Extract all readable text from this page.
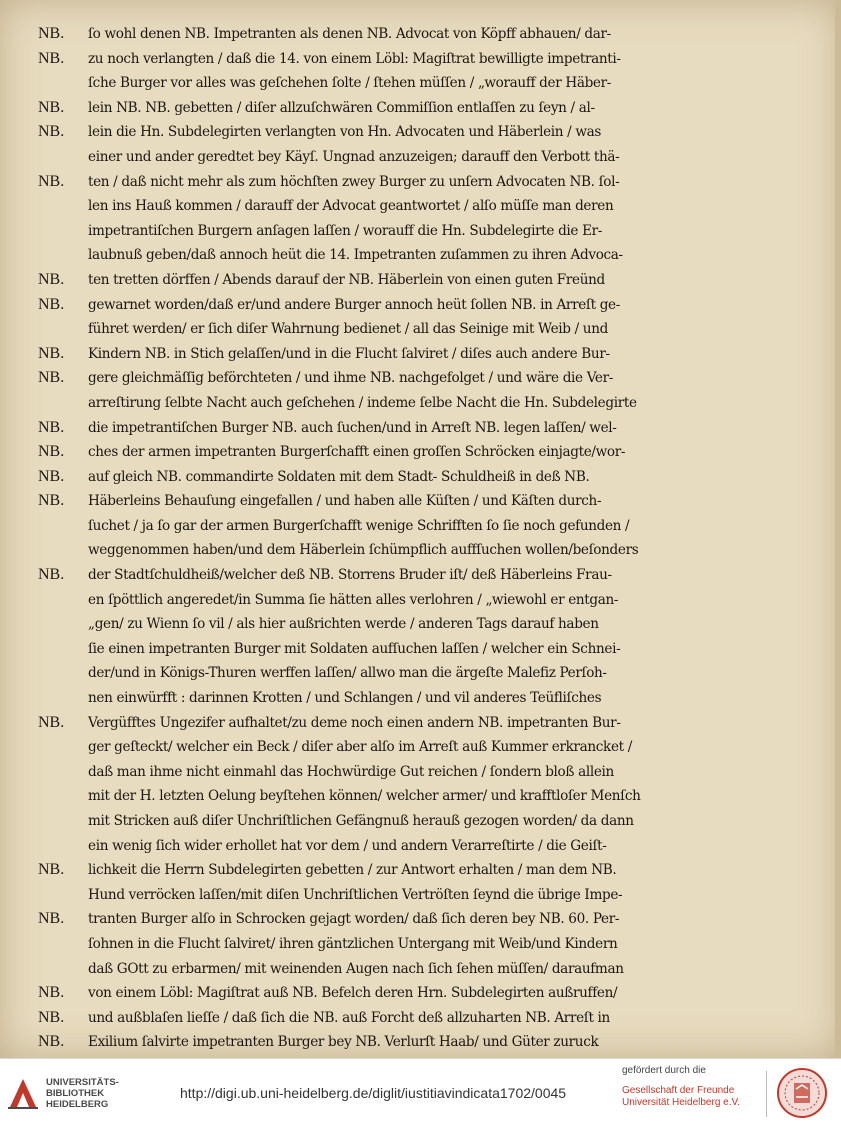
NB.	ſo wohl denen NB. Impetranten als denen NB. Advocat von Köpff abhauen/ dar-
NB.	zu noch verlangten / daß die 14. von einem Löbl: Magiſtrat bewilligte impetranti-
ſche Burger vor alles was geſchehen ſolte / ſtehen müſſen / „worauff der Häber-
NB.	lein NB. NB. gebetten / diſer allzuſchwären Commiſſion entlaſſen zu ſeyn / al-
NB.	lein die Hn. Subdelegirten verlangten von Hn. Advocaten und Häberlein / was
einer und ander geredtet bey Käyſ. Ungnad anzuzeigen; darauff den Verbott thä-
NB.	ten / daß nicht mehr als zum höchſten zwey Burger zu unſern Advocaten NB. ſol-
len ins Hauß kommen / darauff der Advocat geantwortet / alſo müſſe man deren
impetrantiſchen Burgern anſagen laſſen / worauff die Hn. Subdelegirte die Er-
laubnuß geben/daß annoch heüt die 14. Impetranten zuſammen zu ihren Advoca-
NB.	ten tretten dörffen / Abends darauf der NB. Häberlein von einen guten Freünd
NB.	gewarnet worden/daß er/und andere Burger annoch heüt ſollen NB. in Arreſt ge-
führet werden/ er ſich diſer Wahrnung bedienet / all das Seinige mit Weib / und
NB.	Kindern NB. in Stich gelaſſen/und in die Flucht ſalviret / diſes auch andere Bur-
NB.	gere gleichmäſſig beförchteten / und ihme NB. nachgefolget / und wäre die Ver-
arreſtirung ſelbte Nacht auch geſchehen / indeme ſelbe Nacht die Hn. Subdelegirte
NB.	die impetrantiſchen Burger NB. auch ſuchen/und in Arreſt NB. legen laſſen/ wel-
NB.	ches der armen impetranten Burgerſchafft einen groſſen Schröcken einjagte/wor-
NB.	auf gleich NB. commandirte Soldaten mit dem Stadt- Schuldheiß in deß NB.
NB.	Häberleins Behauſung eingefallen / und haben alle Küſten / und Käſten durch-
ſuchet / ja ſo gar der armen Burgerſchafft wenige Schrifften ſo ſie noch gefunden /
weggenommen haben/und dem Häberlein ſchümpflich auffſuchen wollen/beſonders
NB.	der Stadtſchuldheiß/welcher deß NB. Storrens Bruder iſt/ deß Häberleins Frau-
en ſpöttlich angeredet/in Summa ſie hätten alles verlohren / „wiewohl er entgan-
„gen/ zu Wienn ſo vil / als hier außrichten werde / anderen Tags darauf haben
ſie einen impetranten Burger mit Soldaten aufſuchen laſſen / welcher ein Schnei-
der/und in Königs-Thuren werffen laſſen/ allwo man die ärgeſte Malefiz Perſoh-
nen einwürfft : darinnen Krotten / und Schlangen / und vil anderes Teüfliſches
NB.	Vergüfftes Ungezifer aufhaltet/zu deme noch einen andern NB. impetranten Bur-
ger geſteckt/ welcher ein Beck / diſer aber alſo im Arreſt auß Kummer erkrancket /
daß man ihme nicht einmahl das Hochwürdige Gut reichen / ſondern bloß allein
mit der H. letzten Oelung beyſtehen können/ welcher armer/ und krafftloſer Menſch
mit Stricken auß diſer Unchriſtlichen Gefängnuß herauß gezogen worden/ da dann
ein wenig ſich wider erhollet hat vor dem / und andern Verarreſtirte / die Geiſt-
NB.	lichkeit die Herrn Subdelegirten gebetten / zur Antwort erhalten / man dem NB.
Hund verröcken laſſen/mit diſen Unchriſtlichen Vertröſten ſeynd die übrige Impe-
NB.	tranten Burger alſo in Schrocken gejagt worden/ daß ſich deren bey NB. 60. Per-
ſohnen in die Flucht ſalviret/ ihren gäntzlichen Untergang mit Weib/und Kindern
daß GOtt zu erbarmen/ mit weinenden Augen nach ſich ſehen müſſen/ daraufman
NB.	von einem Löbl: Magiſtrat auß NB. Befelch deren Hrn. Subdelegirten außruffen/
NB.	und außblaſen lieſſe / daß ſich die NB. auß Forcht deß allzuharten NB. Arreſt in
NB.	Exilium ſalvirte impetranten Burger bey NB. Verlurſt Haab/ und Güter zuruck
UNIVERSITÄTS-
BIBLIOTHEK
HEIDELBERG
http://digi.ub.uni-heidelberg.de/diglit/iustitiavindicata1702/0045
gefördert durch die
Gesellschaft der Freunde
Universität Heidelberg e.V.
